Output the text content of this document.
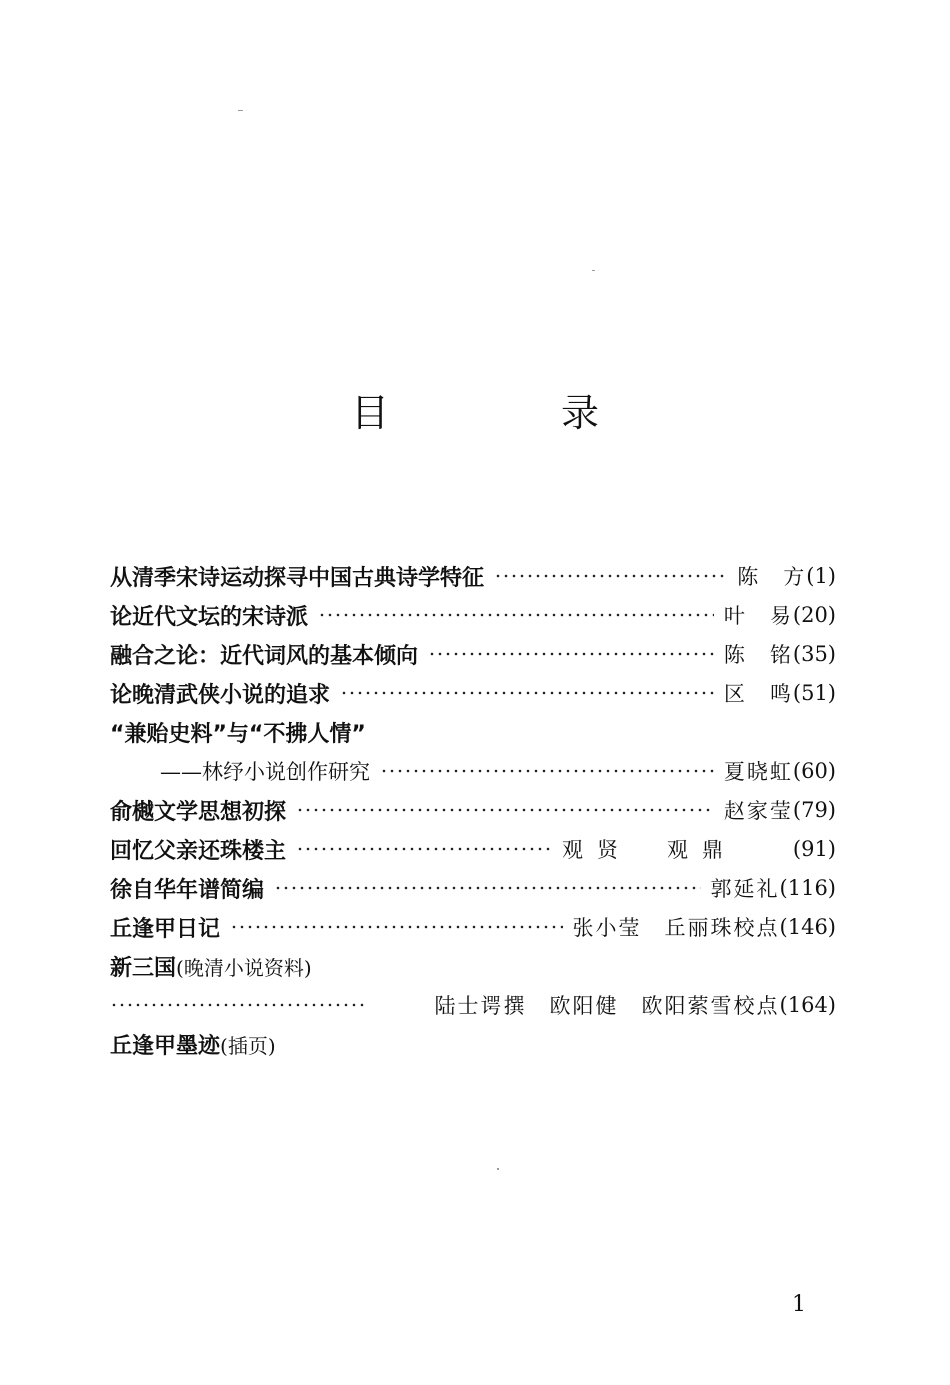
目 录
从清季宋诗运动探寻中国古典诗学特征	陈　方 (1)
论近代文坛的宋诗派	叶　易 (20)
融合之论：近代词风的基本倾向	陈　铭 (35)
论晚清武侠小说的追求	区　鸣 (51)
“兼贻史料”与“不拂人情”
——林纾小说创作研究	夏晓虹 (60)
俞樾文学思想初探	赵家莹 (79)
回忆父亲还珠楼主	观贤　观鼎	(91)
徐自华年谱简编	郭延礼 (116)
丘逢甲日记	张小莹　丘丽珠校点 (146)
新三国 (晚清小说资料)
陆士谔撰　欧阳健　欧阳萦雪校点 (164)
丘逢甲墨迹 (插页)
1
